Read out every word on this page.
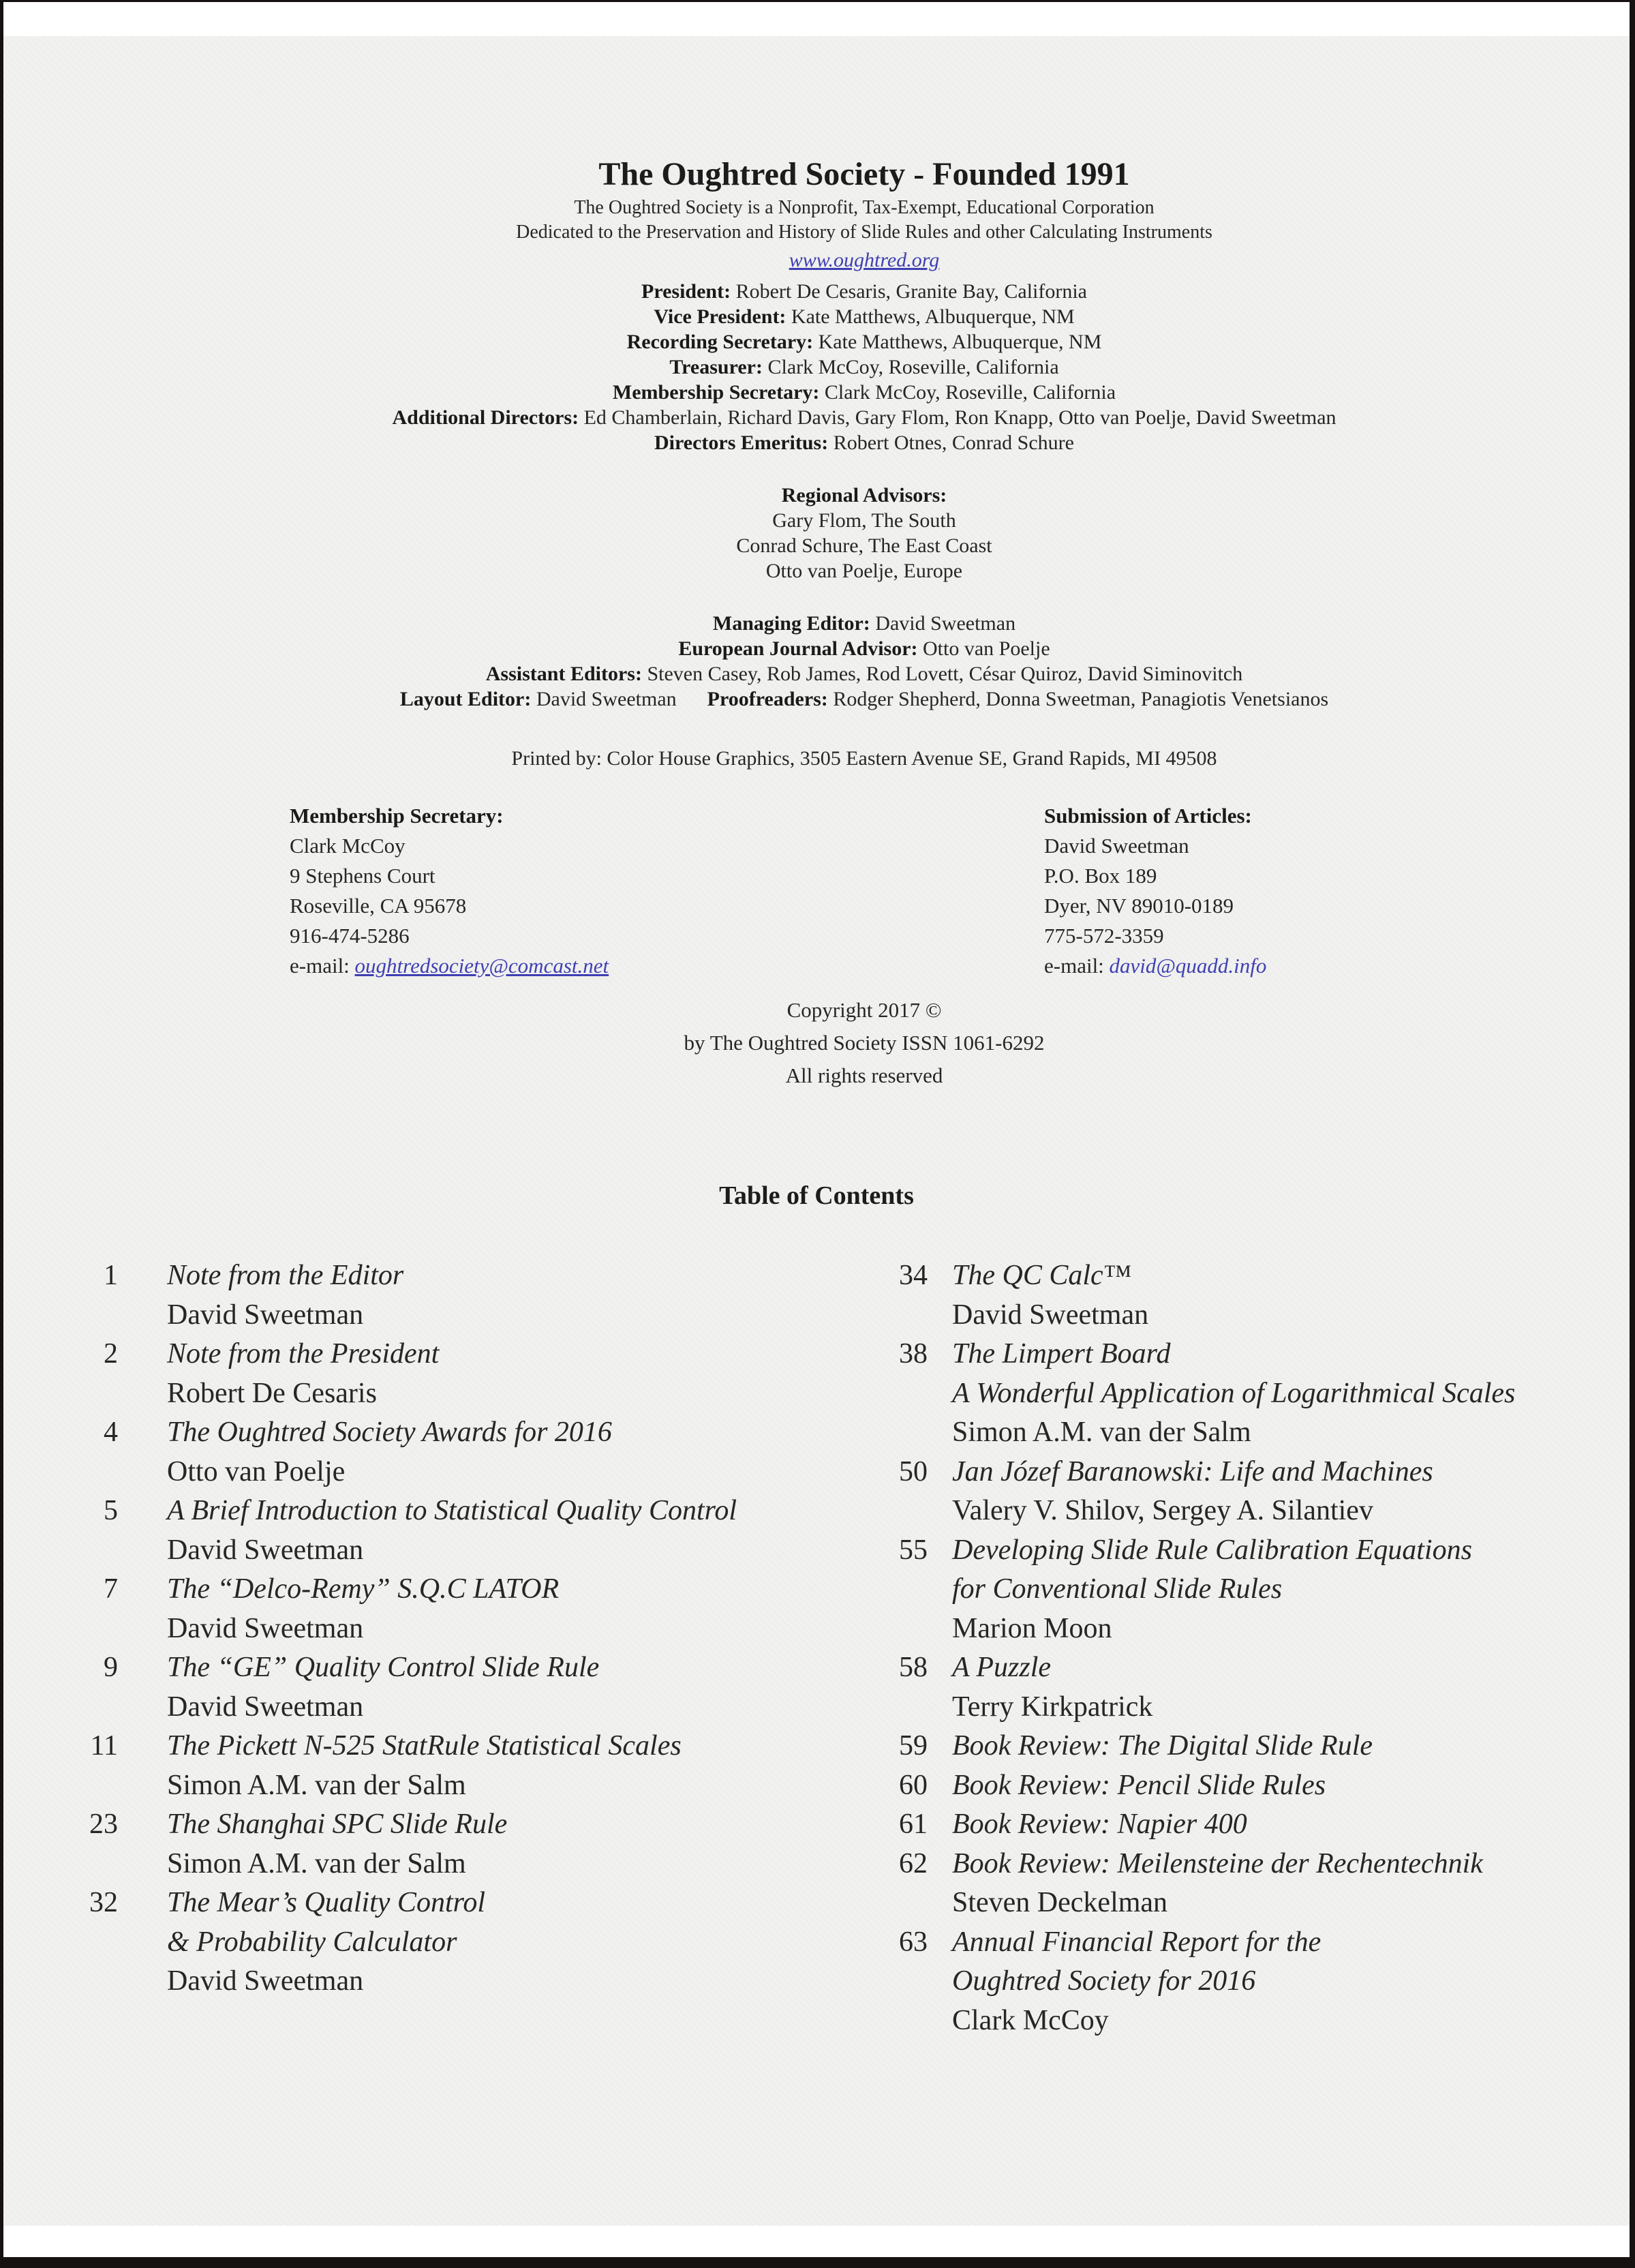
The Oughtred Society - Founded 1991
The Oughtred Society is a Nonprofit, Tax-Exempt, Educational Corporation
Dedicated to the Preservation and History of Slide Rules and other Calculating Instruments
www.oughtred.org
President: Robert De Cesaris, Granite Bay, California
Vice President: Kate Matthews, Albuquerque, NM
Recording Secretary: Kate Matthews, Albuquerque, NM
Treasurer: Clark McCoy, Roseville, California
Membership Secretary: Clark McCoy, Roseville, California
Additional Directors: Ed Chamberlain, Richard Davis, Gary Flom, Ron Knapp, Otto van Poelje, David Sweetman
Directors Emeritus: Robert Otnes, Conrad Schure
Regional Advisors:
Gary Flom, The South
Conrad Schure, The East Coast
Otto van Poelje, Europe
Managing Editor: David Sweetman
European Journal Advisor: Otto van Poelje
Assistant Editors: Steven Casey, Rob James, Rod Lovett, César Quiroz, David Siminovitch
Layout Editor: David Sweetman Proofreaders: Rodger Shepherd, Donna Sweetman, Panagiotis Venetsianos
Printed by: Color House Graphics, 3505 Eastern Avenue SE, Grand Rapids, MI 49508
Membership Secretary:
Clark McCoy
9 Stephens Court
Roseville, CA 95678
916-474-5286
e-mail: oughtredsociety@comcast.net
Submission of Articles:
David Sweetman
P.O. Box 189
Dyer, NV 89010-0189
775-572-3359
e-mail: david@quadd.info
Copyright 2017 ©
by The Oughtred Society ISSN 1061-6292
All rights reserved
Table of Contents
1 Note from the Editor
David Sweetman
2 Note from the President
Robert De Cesaris
4 The Oughtred Society Awards for 2016
Otto van Poelje
5 A Brief Introduction to Statistical Quality Control
David Sweetman
7 The “Delco-Remy” S.Q.C LATOR
David Sweetman
9 The “GE” Quality Control Slide Rule
David Sweetman
11 The Pickett N-525 StatRule Statistical Scales
Simon A.M. van der Salm
23 The Shanghai SPC Slide Rule
Simon A.M. van der Salm
32 The Mear’s Quality Control
& Probability Calculator
David Sweetman
34 The QC Calc™
David Sweetman
38 The Limpert Board
A Wonderful Application of Logarithmical Scales
Simon A.M. van der Salm
50 Jan Józef Baranowski: Life and Machines
Valery V. Shilov, Sergey A. Silantiev
55 Developing Slide Rule Calibration Equations
for Conventional Slide Rules
Marion Moon
58 A Puzzle
Terry Kirkpatrick
59 Book Review: The Digital Slide Rule
60 Book Review: Pencil Slide Rules
61 Book Review: Napier 400
62 Book Review: Meilensteine der Rechentechnik
Steven Deckelman
63 Annual Financial Report for the
Oughtred Society for 2016
Clark McCoy
